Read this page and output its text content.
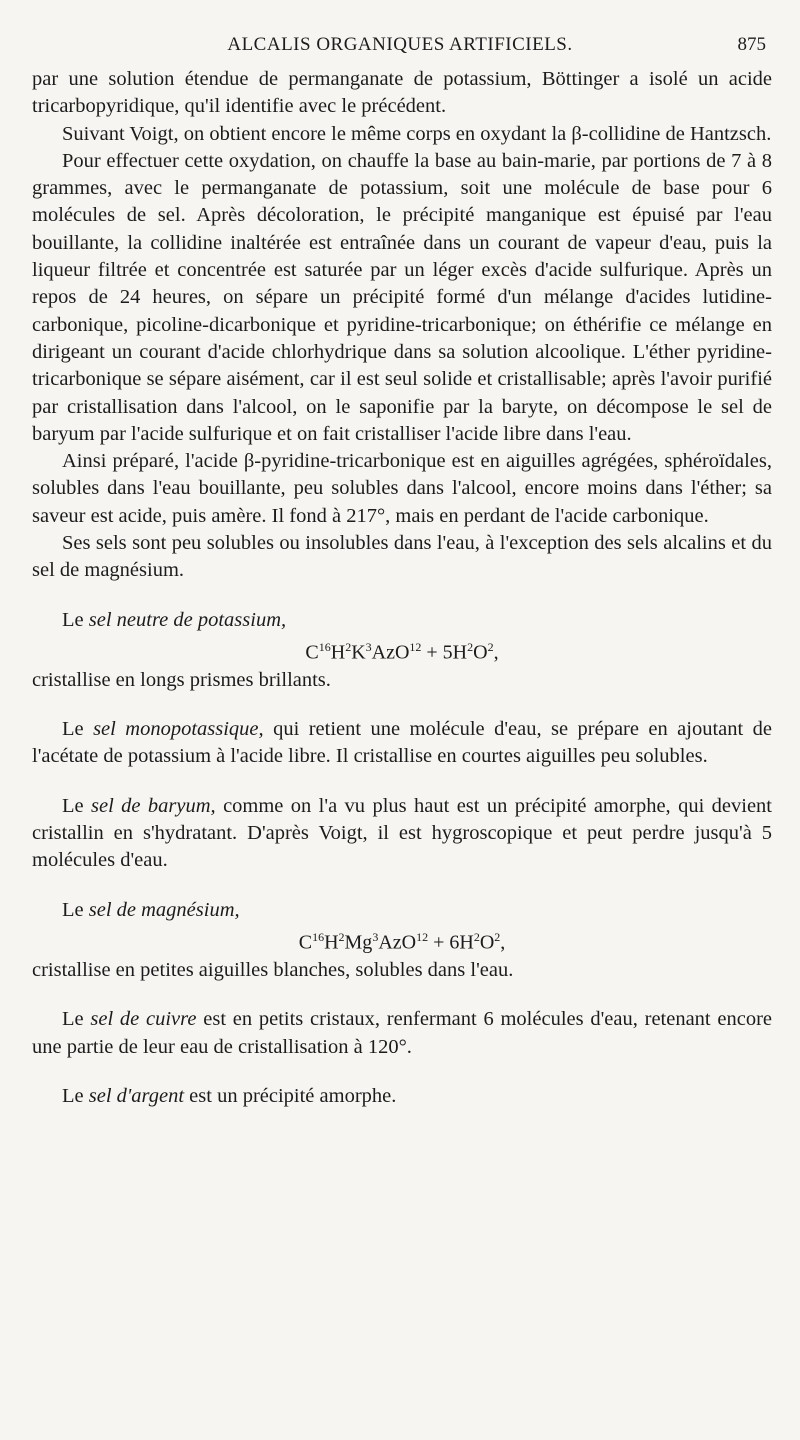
ALCALIS ORGANIQUES ARTIFICIELS.	875

par une solution étendue de permanganate de potassium, Böttinger a isolé un acide tricarbopyridique, qu'il identifie avec le précédent.

Suivant Voigt, on obtient encore le même corps en oxydant la β-collidine de Hantzsch.

Pour effectuer cette oxydation, on chauffe la base au bain-marie, par portions de 7 à 8 grammes, avec le permanganate de potassium, soit une molécule de base pour 6 molécules de sel. Après décoloration, le précipité manganique est épuisé par l'eau bouillante, la collidine inaltérée est entraînée dans un courant de vapeur d'eau, puis la liqueur filtrée et concentrée est saturée par un léger excès d'acide sulfurique. Après un repos de 24 heures, on sépare un précipité formé d'un mélange d'acides lutidine-carbonique, picoline-dicarbonique et pyridine-tricarbonique; on éthérifie ce mélange en dirigeant un courant d'acide chlorhydrique dans sa solution alcoolique. L'éther pyridine-tricarbonique se sépare aisément, car il est seul solide et cristallisable; après l'avoir purifié par cristallisation dans l'alcool, on le saponifie par la baryte, on décompose le sel de baryum par l'acide sulfurique et on fait cristalliser l'acide libre dans l'eau.

Ainsi préparé, l'acide β-pyridine-tricarbonique est en aiguilles agrégées, sphéroïdales, solubles dans l'eau bouillante, peu solubles dans l'alcool, encore moins dans l'éther; sa saveur est acide, puis amère. Il fond à 217°, mais en perdant de l'acide carbonique.

Ses sels sont peu solubles ou insolubles dans l'eau, à l'exception des sels alcalins et du sel de magnésium.

Le sel neutre de potassium,

$C^{16}H^2K^3AzO^{12} + 5H^2O^2$,

cristallise en longs prismes brillants.

Le sel monopotassique, qui retient une molécule d'eau, se prépare en ajoutant de l'acétate de potassium à l'acide libre. Il cristallise en courtes aiguilles peu solubles.

Le sel de baryum, comme on l'a vu plus haut est un précipité amorphe, qui devient cristallin en s'hydratant. D'après Voigt, il est hygroscopique et peut perdre jusqu'à 5 molécules d'eau.

Le sel de magnésium,

$C^{16}H^2Mg^3AzO^{12} + 6H^2O^2$,

cristallise en petites aiguilles blanches, solubles dans l'eau.

Le sel de cuivre est en petits cristaux, renfermant 6 molécules d'eau, retenant encore une partie de leur eau de cristallisation à 120°.

Le sel d'argent est un précipité amorphe.
